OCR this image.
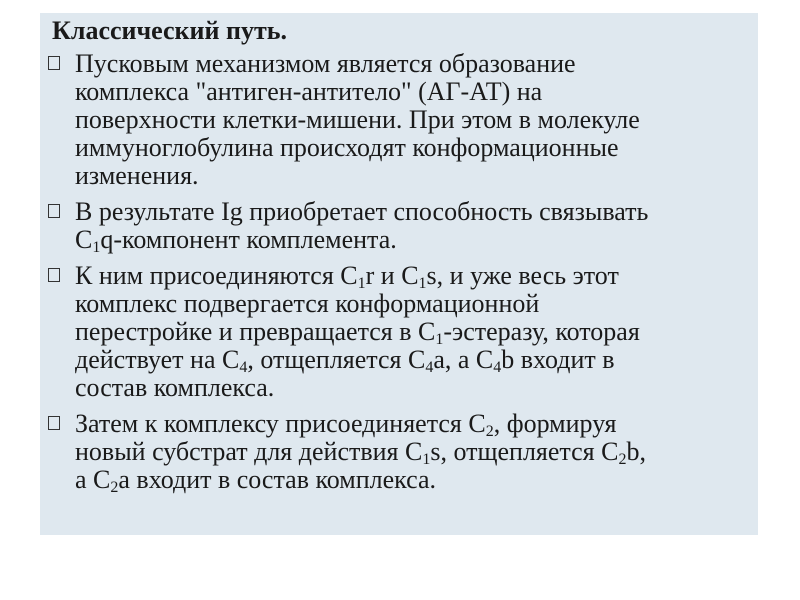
Классический путь.
Пусковым механизмом является образование
комплекса "антиген-антитело" (АГ-АТ) на
поверхности клетки-мишени. При этом в молекуле
иммуноглобулина происходят конформационные
изменения.
В результате Ig приобретает способность связывать
$C_1q$-компонент комплемента.
К ним присоединяются $C_1r$ и $C_1s$, и уже весь этот
комплекс подвергается конформационной
перестройке и превращается в $C_1$-эстеразу, которая
действует на $C_4$, отщепляется $C_4a$, а $C_4b$ входит в
состав комплекса.
Затем к комплексу присоединяется $C_2$, формируя
новый субстрат для действия $C_1s$, отщепляется $C_2b$,
а $C_2a$ входит в состав комплекса.
